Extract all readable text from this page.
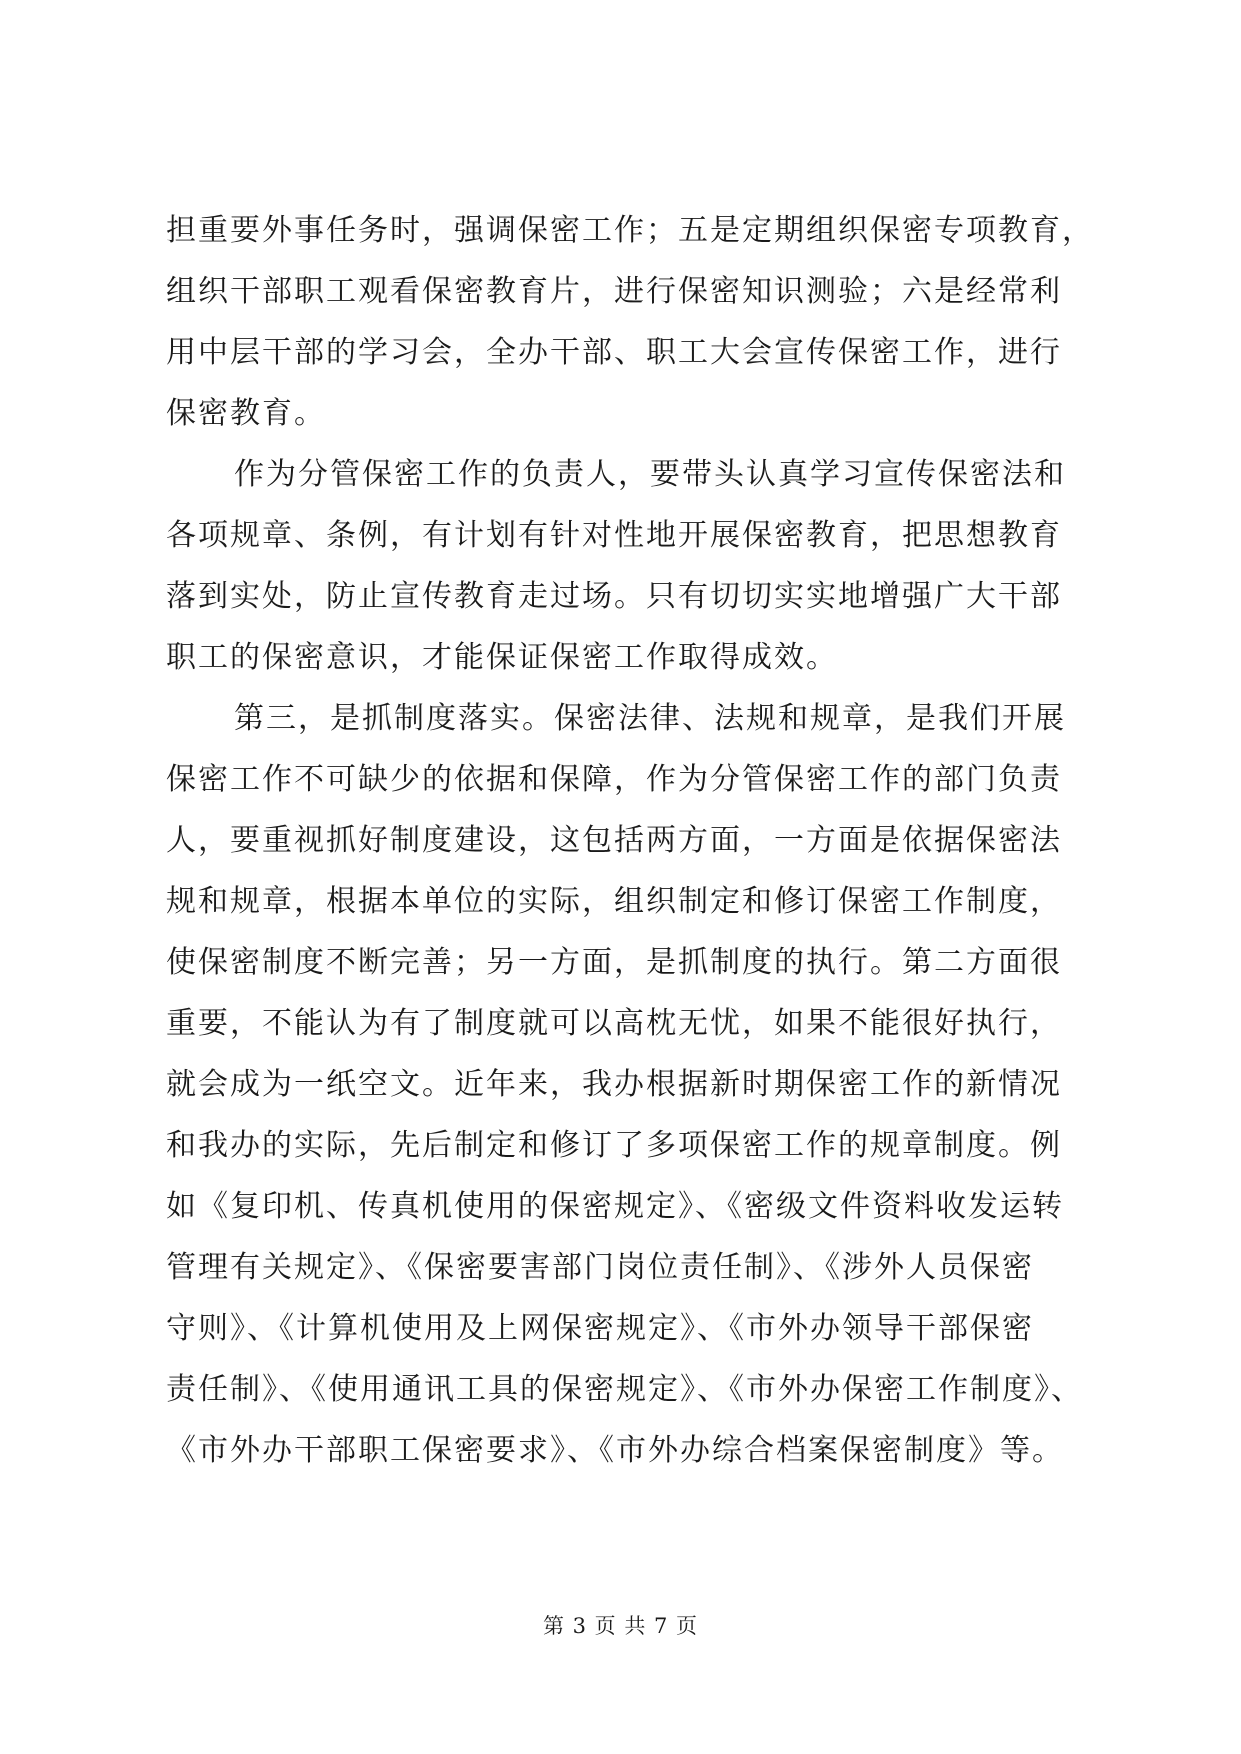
担重要外事任务时，强调保密工作；五是定期组织保密专项教育，
组织干部职工观看保密教育片，进行保密知识测验；六是经常利
用中层干部的学习会，全办干部、职工大会宣传保密工作，进行
保密教育。
作为分管保密工作的负责人，要带头认真学习宣传保密法和
各项规章、条例，有计划有针对性地开展保密教育，把思想教育
落到实处，防止宣传教育走过场。只有切切实实地增强广大干部
职工的保密意识，才能保证保密工作取得成效。
第三，是抓制度落实。保密法律、法规和规章，是我们开展
保密工作不可缺少的依据和保障，作为分管保密工作的部门负责
人，要重视抓好制度建设，这包括两方面，一方面是依据保密法
规和规章，根据本单位的实际，组织制定和修订保密工作制度，
使保密制度不断完善；另一方面，是抓制度的执行。第二方面很
重要，不能认为有了制度就可以高枕无忧，如果不能很好执行，
就会成为一纸空文。近年来，我办根据新时期保密工作的新情况
和我办的实际，先后制定和修订了多项保密工作的规章制度。例
如《复印机、传真机使用的保密规定》、《密级文件资料收发运转
管理有关规定》、《保密要害部门岗位责任制》、《涉外人员保密
守则》、《计算机使用及上网保密规定》、《市外办领导干部保密
责任制》、《使用通讯工具的保密规定》、《市外办保密工作制度》、
《市外办干部职工保密要求》、《市外办综合档案保密制度》等。
第 3 页 共 7 页
